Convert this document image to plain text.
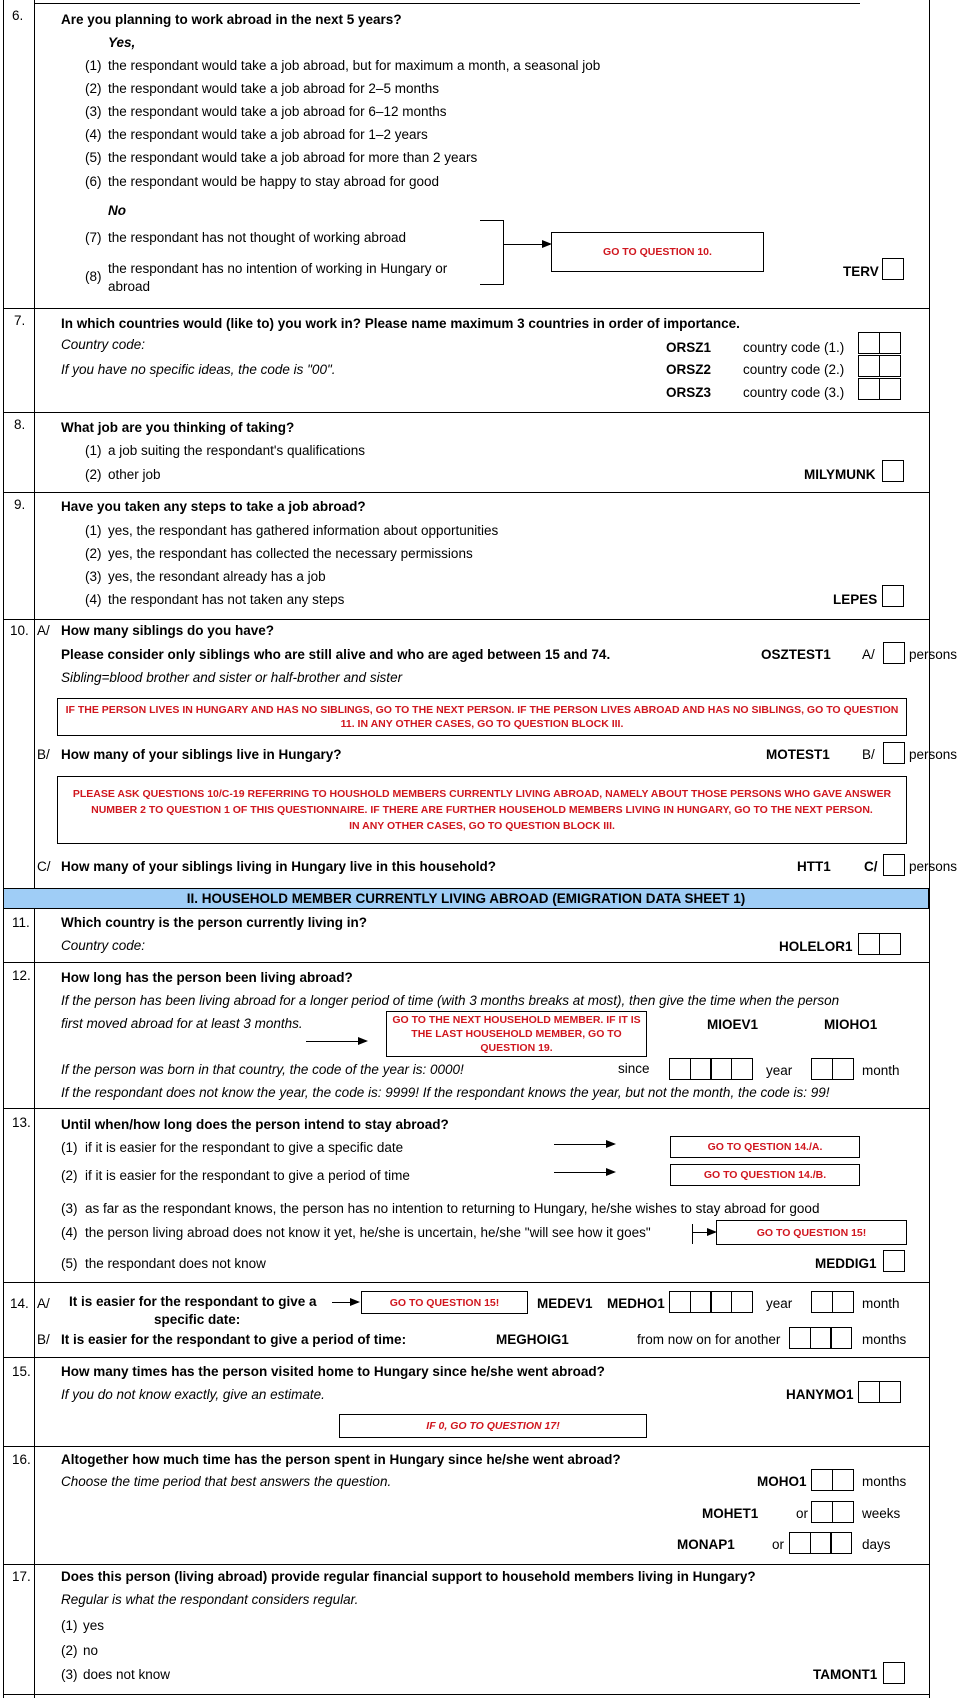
6.	Are you planning to work abroad in the next 5 years?
Yes,
(1) the respondant would take a job abroad, but for maximum a month, a seasonal job
(2) the respondant would take a job abroad for 2–5 months
(3) the respondant would take a job abroad for 6–12 months
(4) the respondant would take a job abroad for 1–2 years
(5) the respondant would take a job abroad for more than 2 years
(6) the respondant would be happy to stay abroad for good
No
(7) the respondant has not thought of working abroad
(8)
the respondant has no intention of working in Hungary or abroad
GO TO QUESTION 10.
TERV
7.	In which countries would (like to) you work in? Please name maximum 3 countries in order of importance.
Country code:
If you have no specific ideas, the code is "00".
ORSZ1 country code (1.)
ORSZ2 country code (2.)
ORSZ3 country code (3.)
8.	What job are you thinking of taking?
(1) a job suiting the respondant's qualifications
(2) other job	MILYMUNK
9.	Have you taken any steps to take a job abroad?
(1) yes, the respondant has gathered information about opportunities
(2) yes, the respondant has collected the necessary permissions
(3) yes, the resondant already has a job
(4) the respondant has not taken any steps	LEPES
10. A/ How many siblings do you have?
Please consider only siblings who are still alive and who are aged between 15 and 74.
Sibling=blood brother and sister or half-brother and sister
OSZTEST1 A/	persons
IF THE PERSON LIVES IN HUNGARY AND HAS NO SIBLINGS, GO TO THE NEXT PERSON. IF THE PERSON LIVES ABROAD AND HAS NO SIBLINGS, GO TO QUESTION 11. IN ANY OTHER CASES, GO TO QUESTION BLOCK III.
B/ How many of your siblings live in Hungary?	MOTEST1 B/	persons
PLEASE ASK QUESTIONS 10/C-19 REFERRING TO HOUSHOLD MEMBERS CURRENTLY LIVING ABROAD, NAMELY ABOUT THOSE PERSONS WHO GAVE ANSWER NUMBER 2 TO QUESTION 1 OF THIS QUESTIONNAIRE. IF THERE ARE FURTHER HOUSEHOLD MEMBERS LIVING IN HUNGARY, GO TO THE NEXT PERSON.
IN ANY OTHER CASES, GO TO QUESTION BLOCK III.
C/ How many of your siblings living in Hungary live in this household?	HTT1 C/ persons
II. HOUSEHOLD MEMBER CURRENTLY LIVING ABROAD (EMIGRATION DATA SHEET 1)
11. Which country is the person currently living in?
Country code:	HOLELOR1
12. How long has the person been living abroad?
If the person has been living abroad for a longer period of time (with 3 months breaks at most), then give the time when the person
first moved abroad for at least 3 months.	GO TO THE NEXT HOUSEHOLD MEMBER. IF IT IS THE LAST HOUSEHOLD MEMBER, GO TO QUESTION 19.
MIOEV1	MIOHO1
If the person was born in that country, the code of the year is: 0000!	since	year	month
If the respondant does not know the year, the code is: 9999! If the respondant knows the year, but not the month, the code is: 99!
13. Until when/how long does the person intend to stay abroad?
(1) if it is easier for the respondant to give a specific date	GO TO QESTION 14./A.
(2) if it is easier for the respondant to give a period of time	GO TO QUESTION 14./B.
(3) as far as the respondant knows, the person has no intention to returning to Hungary, he/she wishes to stay abroad for good
(4) the person living abroad does not know it yet, he/she is uncertain, he/she "will see how it goes"	GO TO QUESTION 15!
(5) the respondant does not know	MEDDIG1
14. A/ It is easier for the respondant to give a
specific date:
GO TO QUESTION 15!	MEDEV1 MEDHO1	year	month
B/ It is easier for the respondant to give a period of time:	MEGHOIG1	from now on for another	months
15. How many times has the person visited home to Hungary since he/she went abroad?
If you do not know exactly, give an estimate.	HANYMO1
IF 0, GO TO QUESTION 17!
16. Altogether how much time has the person spent in Hungary since he/she went abroad?
Choose the time period that best answers the question.	MOHO1	months
MOHET1	or	weeks
MONAP1	or	days
17. Does this person (living abroad) provide regular financial support to household members living in Hungary?
Regular is what the respondant considers regular.
(1) yes
(2) no
(3) does not know	TAMONT1
